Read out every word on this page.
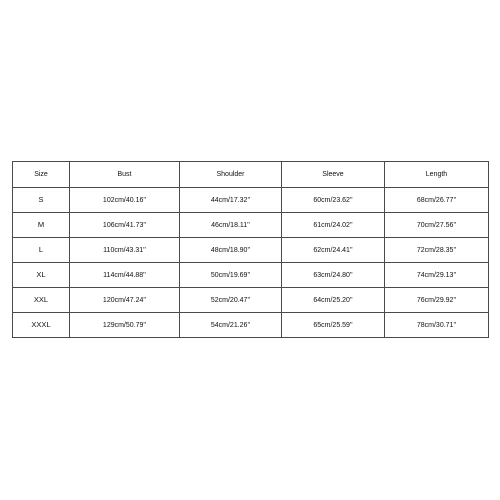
Size	Bust	Shoulder	Sleeve	Length
S	102cm/40.16''	44cm/17.32''	60cm/23.62''	68cm/26.77''
M	106cm/41.73''	46cm/18.11''	61cm/24.02''	70cm/27.56''
L	110cm/43.31''	48cm/18.90''	62cm/24.41''	72cm/28.35''
XL	114cm/44.88''	50cm/19.69''	63cm/24.80''	74cm/29.13''
XXL	120cm/47.24''	52cm/20.47''	64cm/25.20''	76cm/29.92''
XXXL	129cm/50.79''	54cm/21.26''	65cm/25.59''	78cm/30.71''
